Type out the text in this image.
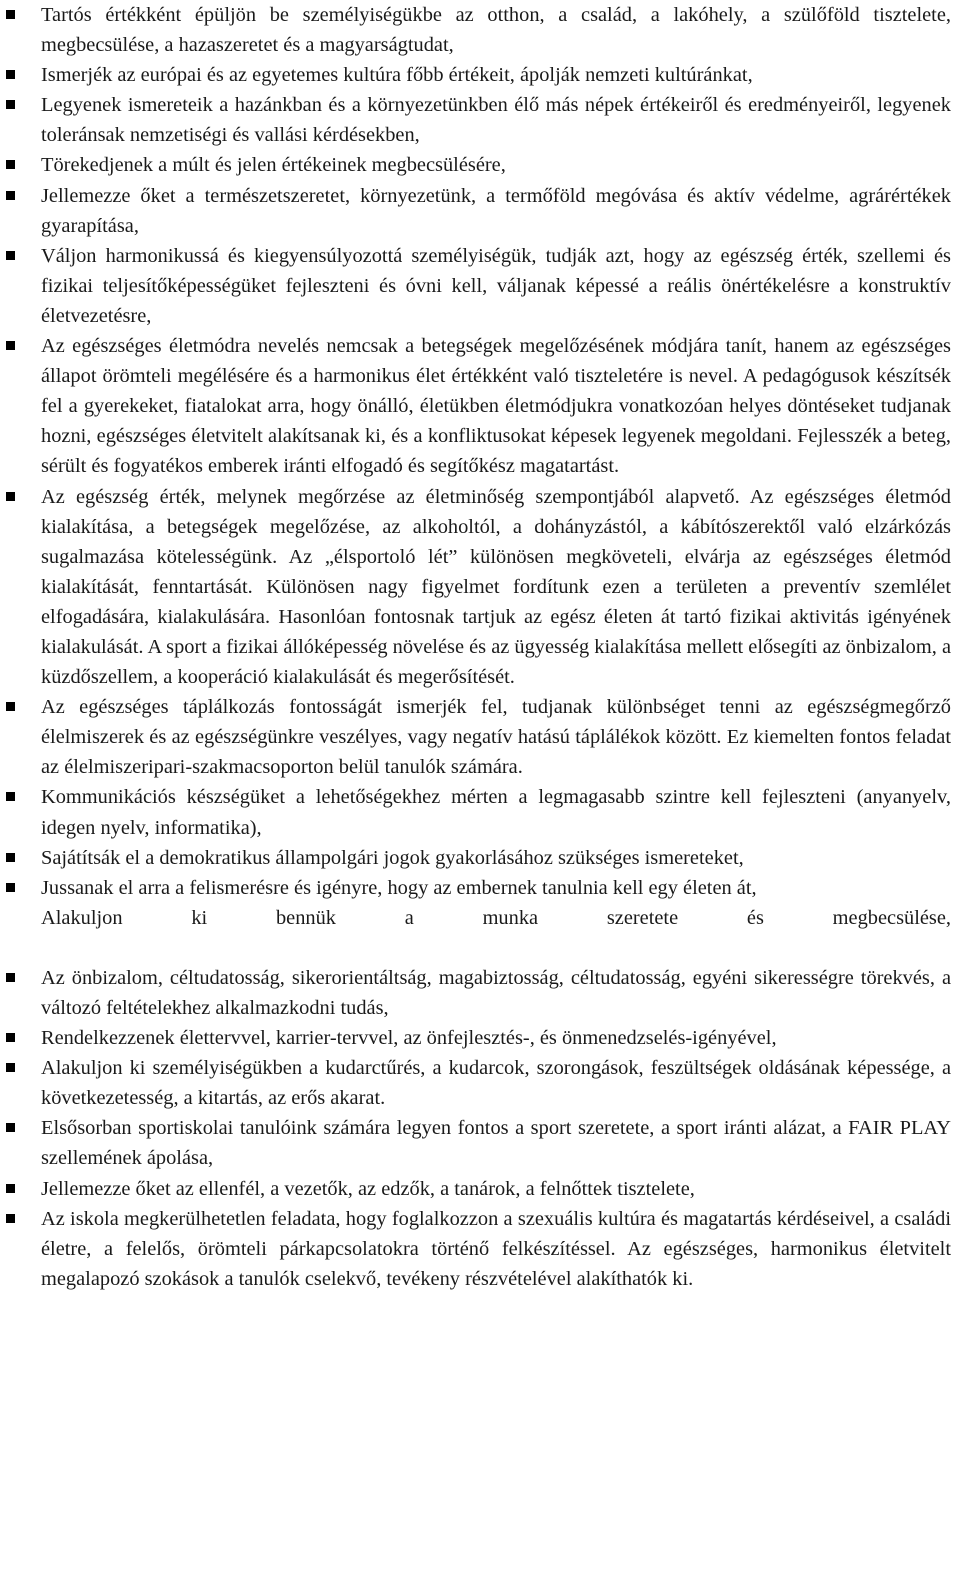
Tartós értékként épüljön be személyiségükbe az otthon, a család, a lakóhely, a szülőföld tisztelete, megbecsülése, a hazaszeretet és a magyarságtudat,
Ismerjék az európai és az egyetemes kultúra főbb értékeit, ápolják nemzeti kultúránkat,
Legyenek ismereteik a hazánkban és a környezetünkben élő más népek értékeiről és eredményeiről, legyenek toleránsak nemzetiségi és vallási kérdésekben,
Törekedjenek a múlt és jelen értékeinek megbecsülésére,
Jellemezze őket a természetszeretet, környezetünk, a termőföld megóvása és aktív védelme, agrárértékek gyarapítása,
Váljon harmonikussá és kiegyensúlyozottá személyiségük, tudják azt, hogy az egészség érték, szellemi és fizikai teljesítőképességüket fejleszteni és óvni kell, váljanak képessé a reális önértékelésre a konstruktív életvezetésre,
Az egészséges életmódra nevelés nemcsak a betegségek megelőzésének módjára tanít, hanem az egészséges állapot örömteli megélésére és a harmonikus élet értékként való tiszteletére is nevel. A pedagógusok készítsék fel a gyerekeket, fiatalokat arra, hogy önálló, életükben életmódjukra vonatkozóan helyes döntéseket tudjanak hozni, egészséges életvitelt alakítsanak ki, és a konfliktusokat képesek legyenek megoldani. Fejlesszék a beteg, sérült és fogyatékos emberek iránti elfogadó és segítőkész magatartást.
Az egészség érték, melynek megőrzése az életminőség szempontjából alapvető. Az egészséges életmód kialakítása, a betegségek megelőzése, az alkoholtól, a dohányzástól, a kábítószerektől való elzárkózás sugalmazása kötelességünk. Az „élsportoló lét” különösen megköveteli, elvárja az egészséges életmód kialakítását, fenntartását. Különösen nagy figyelmet fordítunk ezen a területen a preventív szemlélet elfogadására, kialakulására. Hasonlóan fontosnak tartjuk az egész életen át tartó fizikai aktivitás igényének kialakulását. A sport a fizikai állóképesség növelése és az ügyesség kialakítása mellett elősegíti az önbizalom, a küzdőszellem, a kooperáció kialakulását és megerősítését.
Az egészséges táplálkozás fontosságát ismerjék fel, tudjanak különbséget tenni az egészségmegőrző élelmiszerek és az egészségünkre veszélyes, vagy negatív hatású táplálékok között. Ez kiemelten fontos feladat az élelmiszeripari-szakmacsoporton belül tanulók számára.
Kommunikációs készségüket a lehetőségekhez mérten a legmagasabb szintre kell fejleszteni (anyanyelv, idegen nyelv, informatika),
Sajátítsák el a demokratikus állampolgári jogok gyakorlásához szükséges ismereteket,
Jussanak el arra a felismerésre és igényre, hogy az embernek tanulnia kell egy életen át,

Alakuljon ki bennük a munka szeretete és megbecsülése,
Az önbizalom, céltudatosság, sikerorientáltság, magabiztosság, céltudatosság, egyéni sikerességre törekvés, a változó feltételekhez alkalmazkodni tudás,
Rendelkezzenek élettervvel, karrier-tervvel, az önfejlesztés-, és önmenedzselés-igényével,
Alakuljon ki személyiségükben a kudarctűrés, a kudarcok, szorongások, feszültségek oldásának képessége, a következetesség, a kitartás, az erős akarat.
Elsősorban sportiskolai tanulóink számára legyen fontos a sport szeretete, a sport iránti alázat, a FAIR PLAY szellemének ápolása,
Jellemezze őket az ellenfél, a vezetők, az edzők, a tanárok, a felnőttek tisztelete,
Az iskola megkerülhetetlen feladata, hogy foglalkozzon a szexuális kultúra és magatartás kérdéseivel, a családi életre, a felelős, örömteli párkapcsolatokra történő felkészítéssel. Az egészséges, harmonikus életvitelt megalapozó szokások a tanulók cselekvő, tevékeny részvételével alakíthatók ki.
